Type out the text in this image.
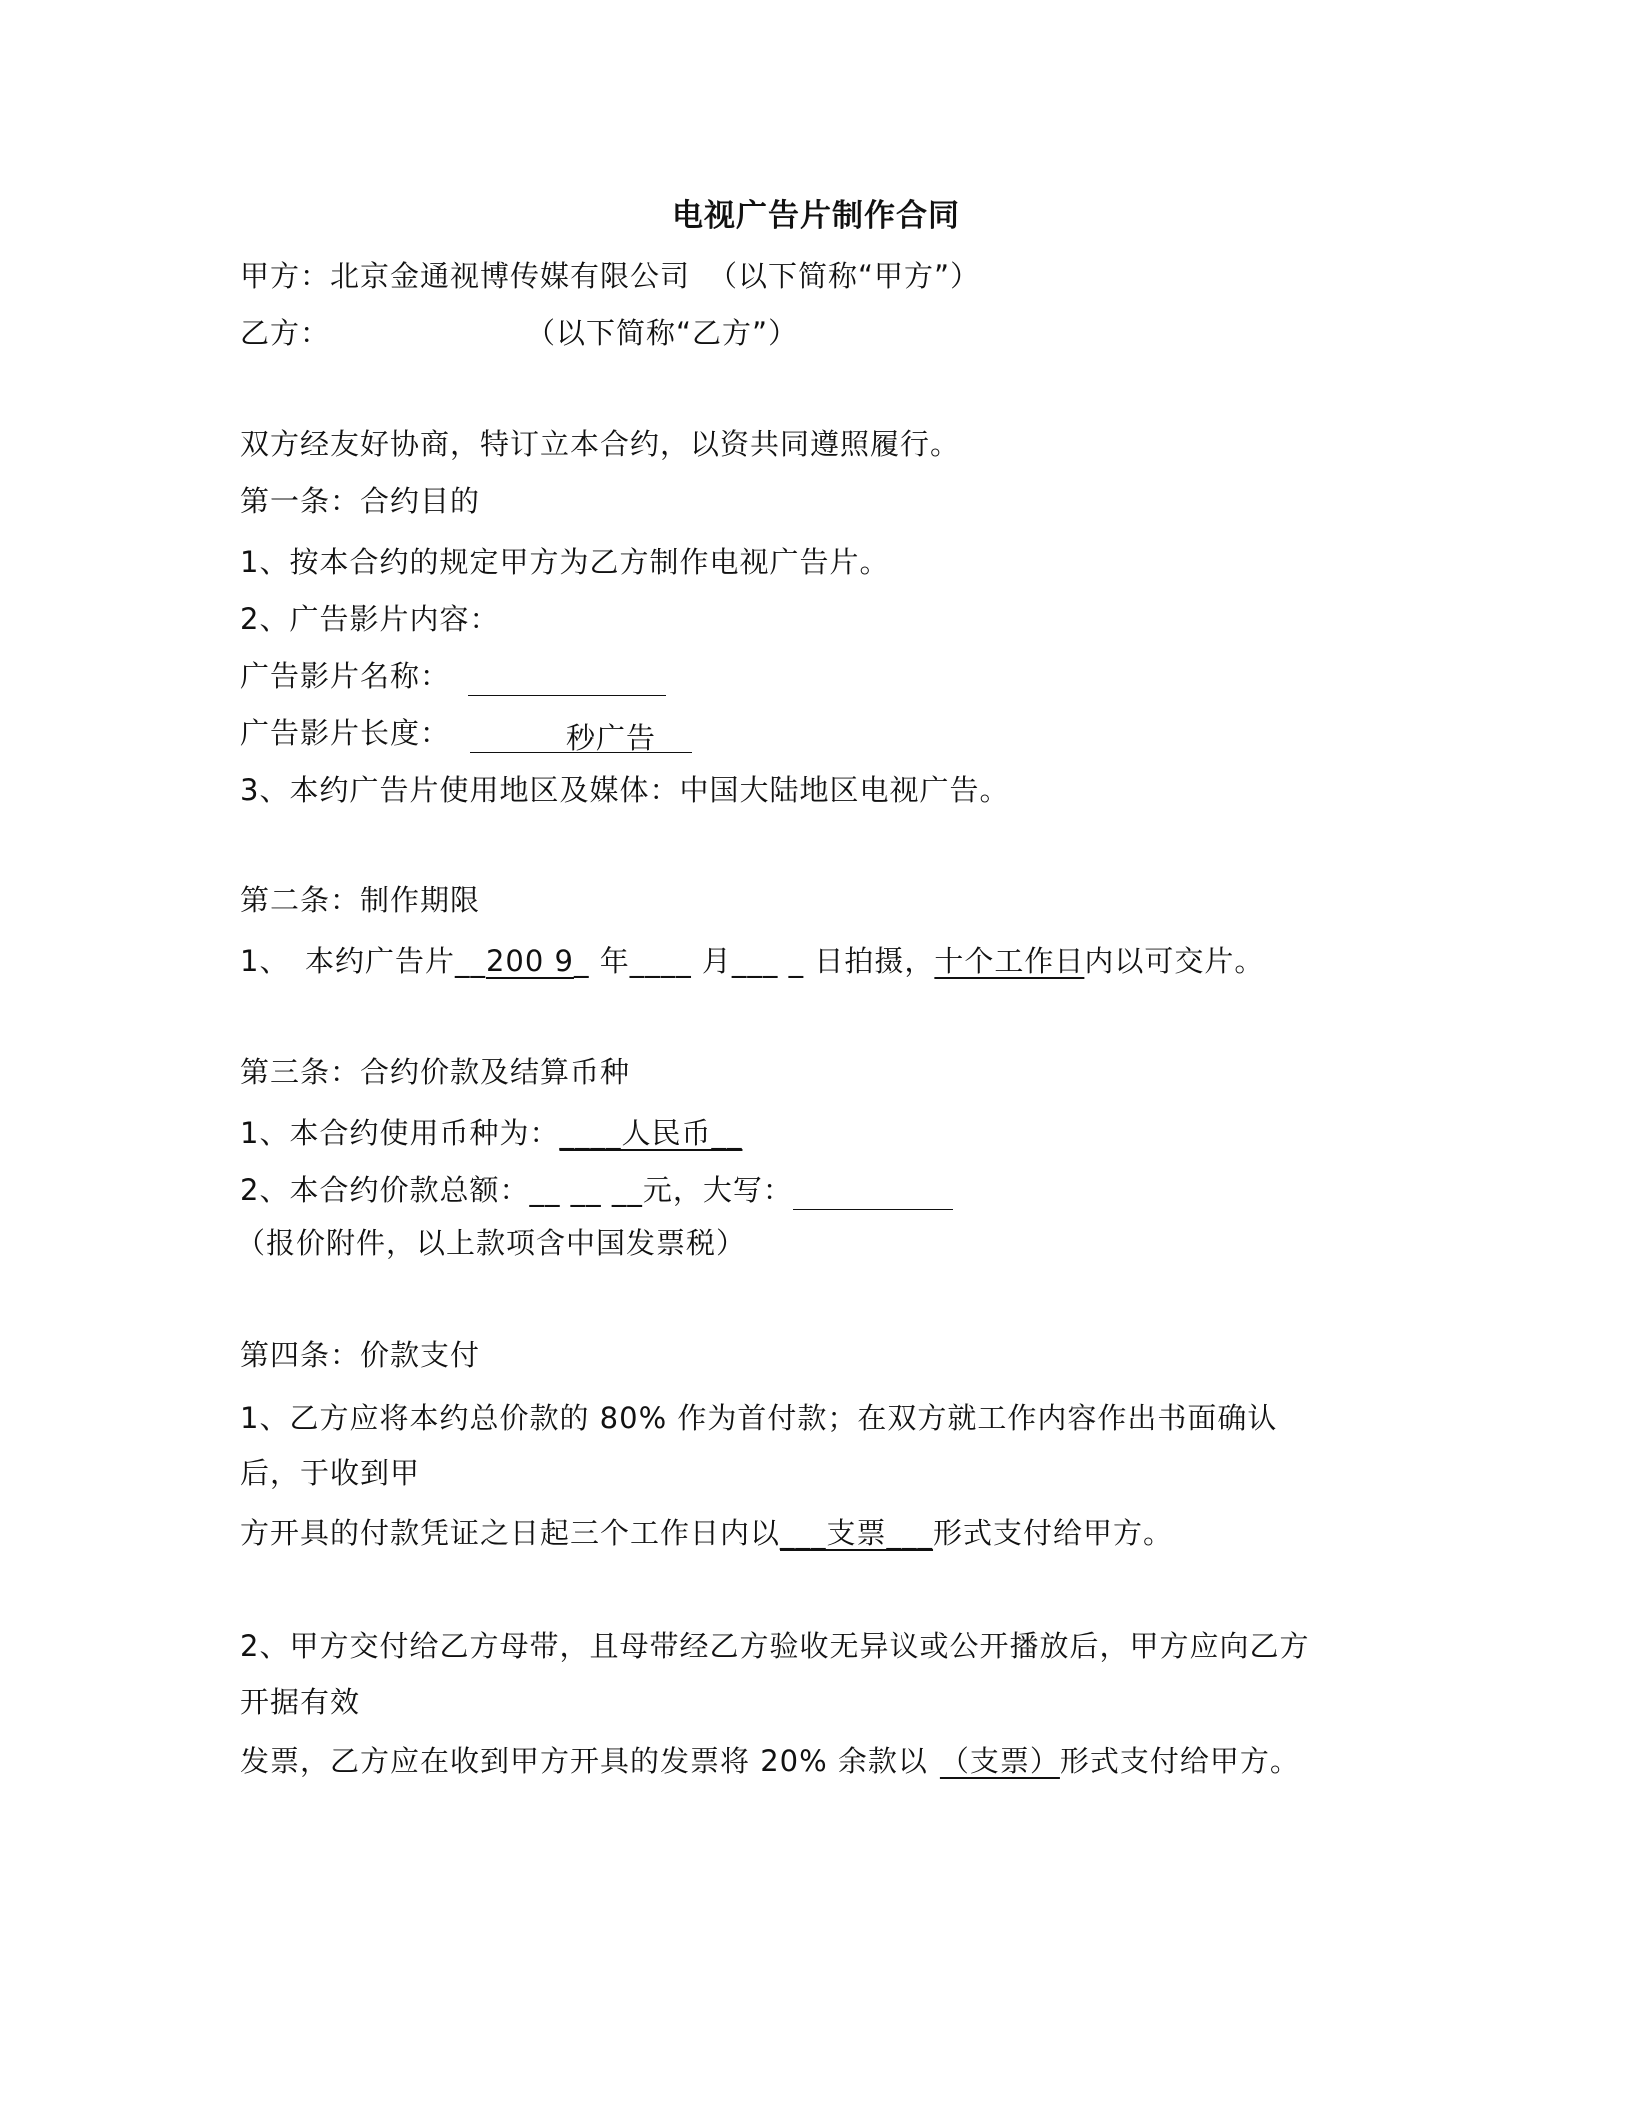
电视广告片制作合同
甲方：北京金通视博传媒有限公司 （以下简称“甲方”）
乙方：	（以下简称“乙方”）
双方经友好协商，特订立本合约，以资共同遵照履行。
第一条：合约目的
1、按本合约的规定甲方为乙方制作电视广告片。
2、广告影片内容：
广告影片名称：
广告影片长度：	秒广告
3、本约广告片使用地区及媒体：中国大陆地区电视广告。
第二条：制作期限
1、　本约广告片__200 9_ 年____ 月___ _ 日拍摄，十个工作日内以可交片。
第三条：合约价款及结算币种
1、本合约使用币种为：____人民币__
2、本合约价款总额：__ __ __元，大写：
（报价附件，以上款项含中国发票税）
第四条：价款支付
1、乙方应将本约总价款的 80% 作为首付款；在双方就工作内容作出书面确认
后，于收到甲
方开具的付款凭证之日起三个工作日内以___支票___形式支付给甲方。
2、甲方交付给乙方母带，且母带经乙方验收无异议或公开播放后，甲方应向乙方
开据有效
发票，乙方应在收到甲方开具的发票将 20% 余款以 （支票）形式支付给甲方。
